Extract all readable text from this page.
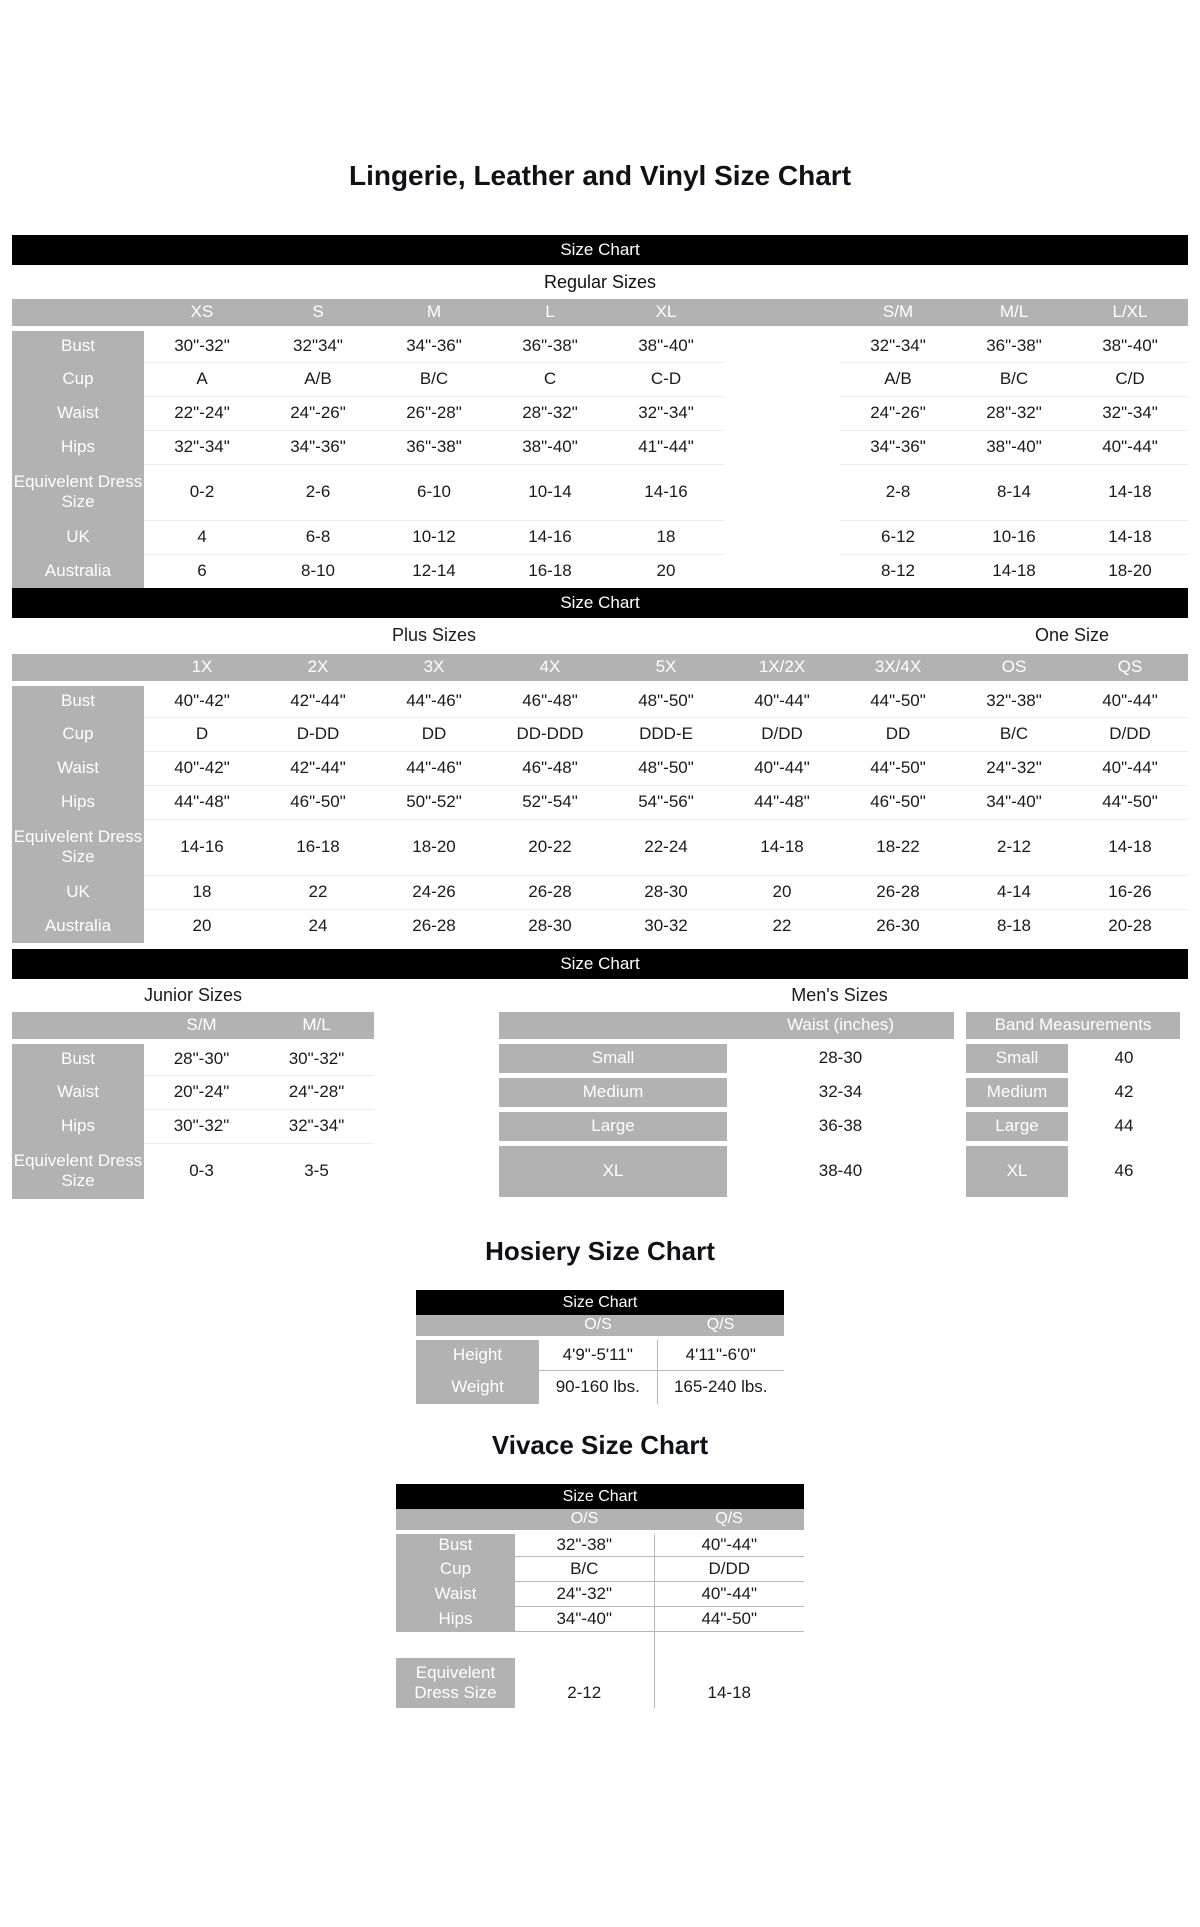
Lingerie, Leather and Vinyl Size Chart
Size Chart
Regular Sizes
	XS	S	M	L	XL		S/M	M/L	L/XL
Bust	30"-32"	32"34"	34"-36"	36"-38"	38"-40"		32"-34"	36"-38"	38"-40"
Cup	A	A/B	B/C	C	C-D		A/B	B/C	C/D
Waist	22"-24"	24"-26"	26"-28"	28"-32"	32"-34"		24"-26"	28"-32"	32"-34"
Hips	32"-34"	34"-36"	36"-38"	38"-40"	41"-44"		34"-36"	38"-40"	40"-44"
Equivelent Dress Size	0-2	2-6	6-10	10-14	14-16		2-8	8-14	14-18
UK	4	6-8	10-12	14-16	18		6-12	10-16	14-18
Australia	6	8-10	12-14	16-18	20		8-12	14-18	18-20
Size Chart
Plus Sizes	One Size
	1X	2X	3X	4X	5X	1X/2X	3X/4X	OS	QS
Bust	40"-42"	42"-44"	44"-46"	46"-48"	48"-50"	40"-44"	44"-50"	32"-38"	40"-44"
Cup	D	D-DD	DD	DD-DDD	DDD-E	D/DD	DD	B/C	D/DD
Waist	40"-42"	42"-44"	44"-46"	46"-48"	48"-50"	40"-44"	44"-50"	24"-32"	40"-44"
Hips	44"-48"	46"-50"	50"-52"	52"-54"	54"-56"	44"-48"	46"-50"	34"-40"	44"-50"
Equivelent Dress Size	14-16	16-18	18-20	20-22	22-24	14-18	18-22	2-12	14-18
UK	18	22	24-26	26-28	28-30	20	26-28	4-14	16-26
Australia	20	24	26-28	28-30	30-32	22	26-30	8-18	20-28
Size Chart
Junior Sizes	Men's Sizes
	S/M	M/L
Bust	28"-30"	30"-32"
Waist	20"-24"	24"-28"
Hips	30"-32"	32"-34"
Equivelent Dress Size	0-3	3-5
	Waist (inches)
Small	28-30
Medium	32-34
Large	36-38
XL	38-40
Band Measurements	
Small	40
Medium	42
Large	44
XL	46
Hosiery Size Chart
Size Chart
	O/S	Q/S
Height	4'9"-5'11"	4'11"-6'0"
Weight	90-160 lbs.	165-240 lbs.
Vivace Size Chart
Size Chart
	O/S	Q/S
Bust	32"-38"	40"-44"
Cup	B/C	D/DD
Waist	24"-32"	40"-44"
Hips	34"-40"	44"-50"

Equivelent Dress Size	2-12	14-18
